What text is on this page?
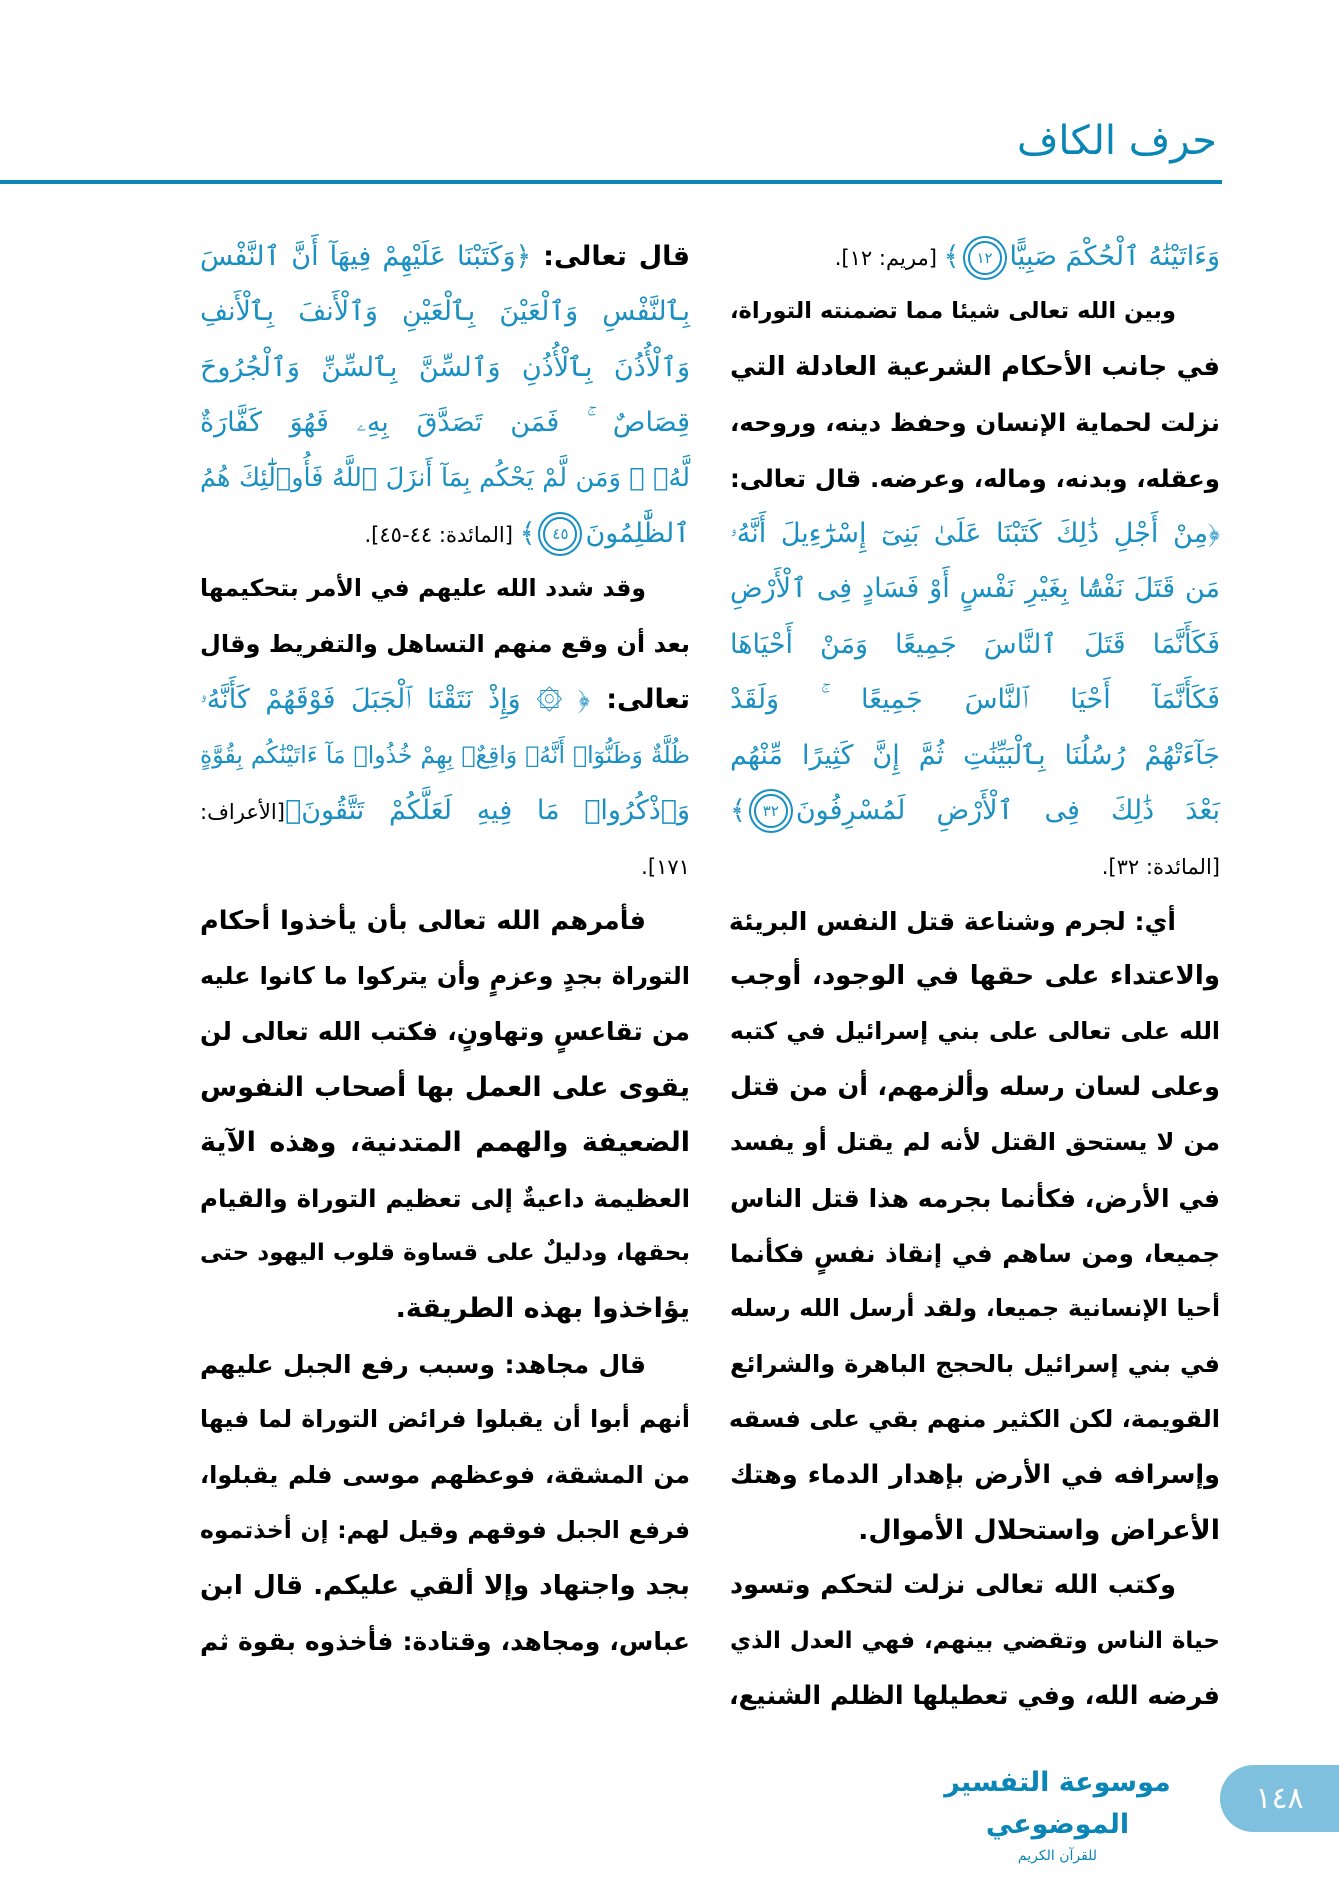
حرف الكاف
وَءَاتَيْنَٰهُ ٱلْحُكْمَ صَبِيًّا١٢﴾ [مريم: ١٢].
وبين الله تعالى شيئا مما تضمنته التوراة،
في جانب الأحكام الشرعية العادلة التي
نزلت لحماية الإنسان وحفظ دينه، وروحه،
وعقله، وبدنه، وماله، وعرضه. قال تعالى:
﴿مِنْ أَجْلِ ذَٰلِكَ كَتَبْنَا عَلَىٰ بَنِىٓ إِسْرَٰٓءِيلَ أَنَّهُۥ
مَن قَتَلَ نَفْسًۢا بِغَيْرِ نَفْسٍ أَوْ فَسَادٍ فِى ٱلْأَرْضِ
فَكَأَنَّمَا قَتَلَ ٱلنَّاسَ جَمِيعًا وَمَنْ أَحْيَاهَا
فَكَأَنَّمَآ أَحْيَا ٱلنَّاسَ جَمِيعًا ۚ وَلَقَدْ
جَآءَتْهُمْ رُسُلُنَا بِٱلْبَيِّنَٰتِ ثُمَّ إِنَّ كَثِيرًا مِّنْهُم
بَعْدَ ذَٰلِكَ فِى ٱلْأَرْضِ لَمُسْرِفُونَ٣٢﴾
[المائدة: ٣٢].
أي: لجرم وشناعة قتل النفس البريئة
والاعتداء على حقها في الوجود، أوجب
الله على تعالى على بني إسرائيل في كتبه
وعلى لسان رسله وألزمهم، أن من قتل
من لا يستحق القتل لأنه لم يقتل أو يفسد
في الأرض، فكأنما بجرمه هذا قتل الناس
جميعا، ومن ساهم في إنقاذ نفسٍ فكأنما
أحيا الإنسانية جميعا، ولقد أرسل الله رسله
في بني إسرائيل بالحجج الباهرة والشرائع
القويمة، لكن الكثير منهم بقي على فسقه
وإسرافه في الأرض بإهدار الدماء وهتك
الأعراض واستحلال الأموال.
وكتب الله تعالى نزلت لتحكم وتسود
حياة الناس وتقضي بينهم، فهي العدل الذي
فرضه الله، وفي تعطيلها الظلم الشنيع،
قال تعالى: ﴿وَكَتَبْنَا عَلَيْهِمْ فِيهَآ أَنَّ ٱلنَّفْسَ
بِٱلنَّفْسِ وَٱلْعَيْنَ بِٱلْعَيْنِ وَٱلْأَنفَ بِٱلْأَنفِ
وَٱلْأُذُنَ بِٱلْأُذُنِ وَٱلسِّنَّ بِٱلسِّنِّ وَٱلْجُرُوحَ
قِصَاصٌ ۚ فَمَن تَصَدَّقَ بِهِۦ فَهُوَ كَفَّارَةٌ
لَّهُۥ ۚ وَمَن لَّمْ يَحْكُم بِمَآ أَنزَلَ ٱللَّهُ فَأُو۟لَٰٓئِكَ هُمُ
ٱلظَّٰلِمُونَ٤٥﴾ [المائدة: ٤٤-٤٥].
وقد شدد الله عليهم في الأمر بتحكيمها
بعد أن وقع منهم التساهل والتفريط وقال
تعالى: ﴿ ۞ وَإِذْ نَتَقْنَا ٱلْجَبَلَ فَوْقَهُمْ كَأَنَّهُۥ
ظُلَّةٌ وَظَنُّوٓا۟ أَنَّهُۥ وَاقِعٌۢ بِهِمْ خُذُوا۟ مَآ ءَاتَيْنَٰكُم بِقُوَّةٍ
وَٱذْكُرُوا۟ مَا فِيهِ لَعَلَّكُمْ تَتَّقُونَ﴾[الأعراف:
١٧١].
فأمرهم الله تعالى بأن يأخذوا أحكام
التوراة بجدٍ وعزمٍ وأن يتركوا ما كانوا عليه
من تقاعسٍ وتهاونٍ، فكتب الله تعالى لن
يقوى على العمل بها أصحاب النفوس
الضعيفة والهمم المتدنية، وهذه الآية
العظيمة داعيةٌ إلى تعظيم التوراة والقيام
بحقها، ودليلٌ على قساوة قلوب اليهود حتى
يؤاخذوا بهذه الطريقة.
قال مجاهد: وسبب رفع الجبل عليهم
أنهم أبوا أن يقبلوا فرائض التوراة لما فيها
من المشقة، فوعظهم موسى فلم يقبلوا،
فرفع الجبل فوقهم وقيل لهم: إن أخذتموه
بجد واجتهاد وإلا ألقي عليكم. قال ابن
عباس، ومجاهد، وقتادة: فأخذوه بقوة ثم
موسوعة التفسير الموضوعي
للقرآن الكريم
١٤٨
